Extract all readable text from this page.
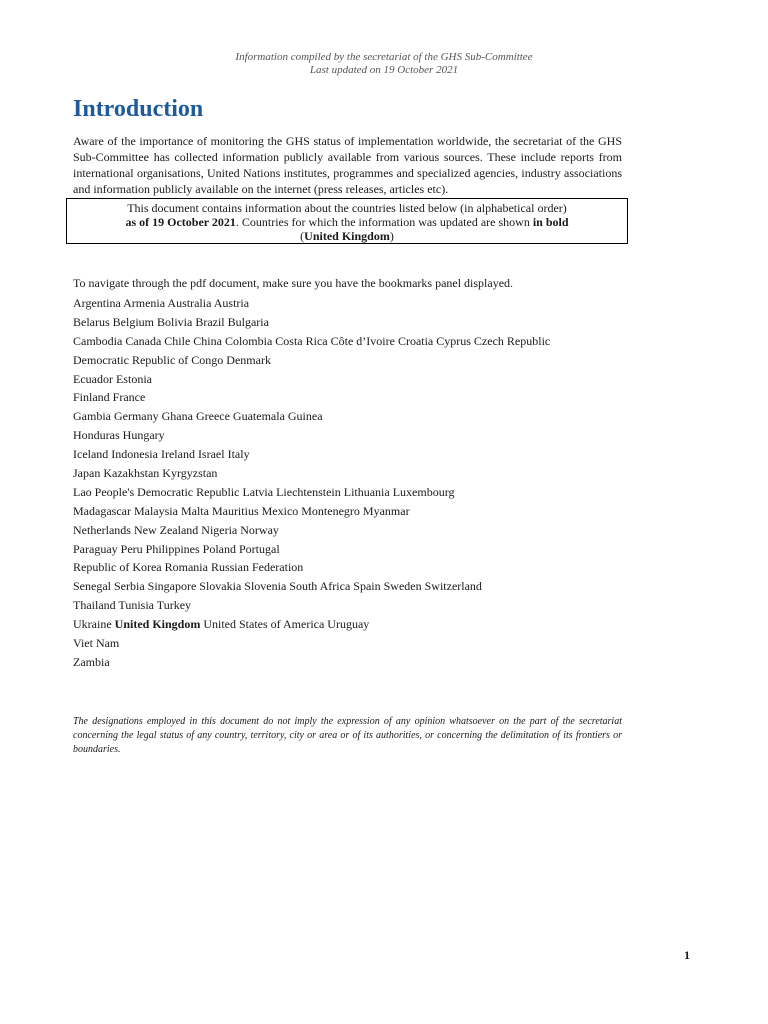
Information compiled by the secretariat of the GHS Sub-Committee
Last updated on 19 October 2021
Introduction

Aware of the importance of monitoring the GHS status of implementation worldwide, the secretariat of the GHS Sub-Committee has collected information publicly available from various sources. These include reports from international organisations, United Nations institutes, programmes and specialized agencies, industry associations and information publicly available on the internet (press releases, articles etc).

This document contains information about the countries listed below (in alphabetical order)
as of 19 October 2021. Countries for which the information was updated are shown in bold
(United Kingdom)

To navigate through the pdf document, make sure you have the bookmarks panel displayed.

Argentina Armenia Australia Austria
Belarus Belgium Bolivia Brazil Bulgaria
Cambodia Canada Chile China Colombia Costa Rica Côte d’Ivoire Croatia Cyprus Czech Republic
Democratic Republic of Congo Denmark
Ecuador Estonia
Finland France
Gambia Germany Ghana Greece Guatemala Guinea
Honduras Hungary
Iceland Indonesia Ireland Israel Italy
Japan Kazakhstan Kyrgyzstan
Lao People's Democratic Republic Latvia Liechtenstein Lithuania Luxembourg
Madagascar Malaysia Malta Mauritius Mexico Montenegro Myanmar
Netherlands New Zealand Nigeria Norway
Paraguay Peru Philippines Poland Portugal
Republic of Korea Romania Russian Federation
Senegal Serbia Singapore Slovakia Slovenia South Africa Spain Sweden Switzerland
Thailand Tunisia Turkey
Ukraine United Kingdom United States of America Uruguay
Viet Nam
Zambia

The designations employed in this document do not imply the expression of any opinion whatsoever on the part of the secretariat concerning the legal status of any country, territory, city or area or of its authorities, or concerning the delimitation of its frontiers or boundaries.

1
